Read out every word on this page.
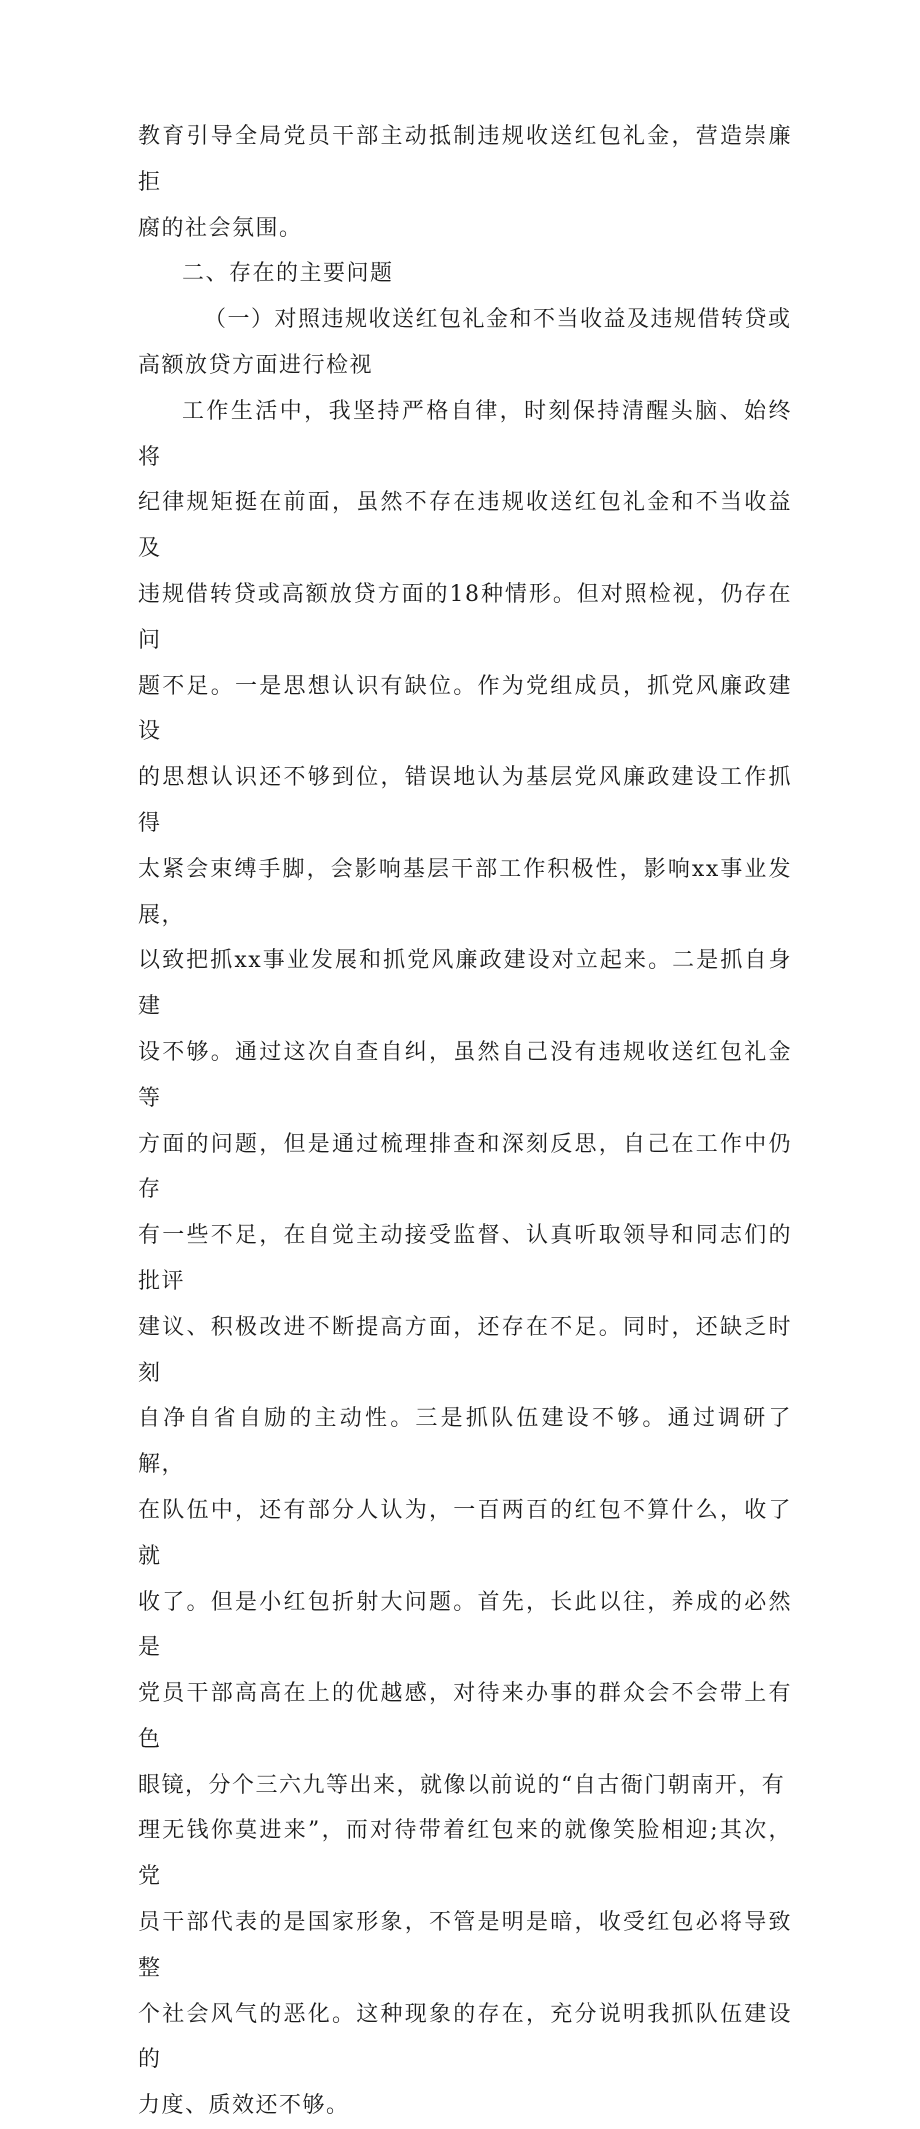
教育引导全局党员干部主动抵制违规收送红包礼金，营造崇廉拒
腐的社会氛围。

二、存在的主要问题

（一）对照违规收送红包礼金和不当收益及违规借转贷或
高额放贷方面进行检视

工作生活中，我坚持严格自律，时刻保持清醒头脑、始终将
纪律规矩挺在前面，虽然不存在违规收送红包礼金和不当收益及
违规借转贷或高额放贷方面的18种情形。但对照检视，仍存在问
题不足。一是思想认识有缺位。作为党组成员，抓党风廉政建设
的思想认识还不够到位，错误地认为基层党风廉政建设工作抓得
太紧会束缚手脚，会影响基层干部工作积极性，影响xx事业发展，
以致把抓xx事业发展和抓党风廉政建设对立起来。二是抓自身建
设不够。通过这次自查自纠，虽然自己没有违规收送红包礼金等
方面的问题，但是通过梳理排查和深刻反思，自己在工作中仍存
有一些不足，在自觉主动接受监督、认真听取领导和同志们的批评
建议、积极改进不断提高方面，还存在不足。同时，还缺乏时刻
自净自省自励的主动性。三是抓队伍建设不够。通过调研了解，
在队伍中，还有部分人认为，一百两百的红包不算什么，收了就
收了。但是小红包折射大问题。首先，长此以往，养成的必然是
党员干部高高在上的优越感，对待来办事的群众会不会带上有色
眼镜，分个三六九等出来，就像以前说的“自古衙门朝南开，有
理无钱你莫进来”，而对待带着红包来的就像笑脸相迎;其次，党
员干部代表的是国家形象，不管是明是暗，收受红包必将导致整
个社会风气的恶化。这种现象的存在，充分说明我抓队伍建设的
力度、质效还不够。
